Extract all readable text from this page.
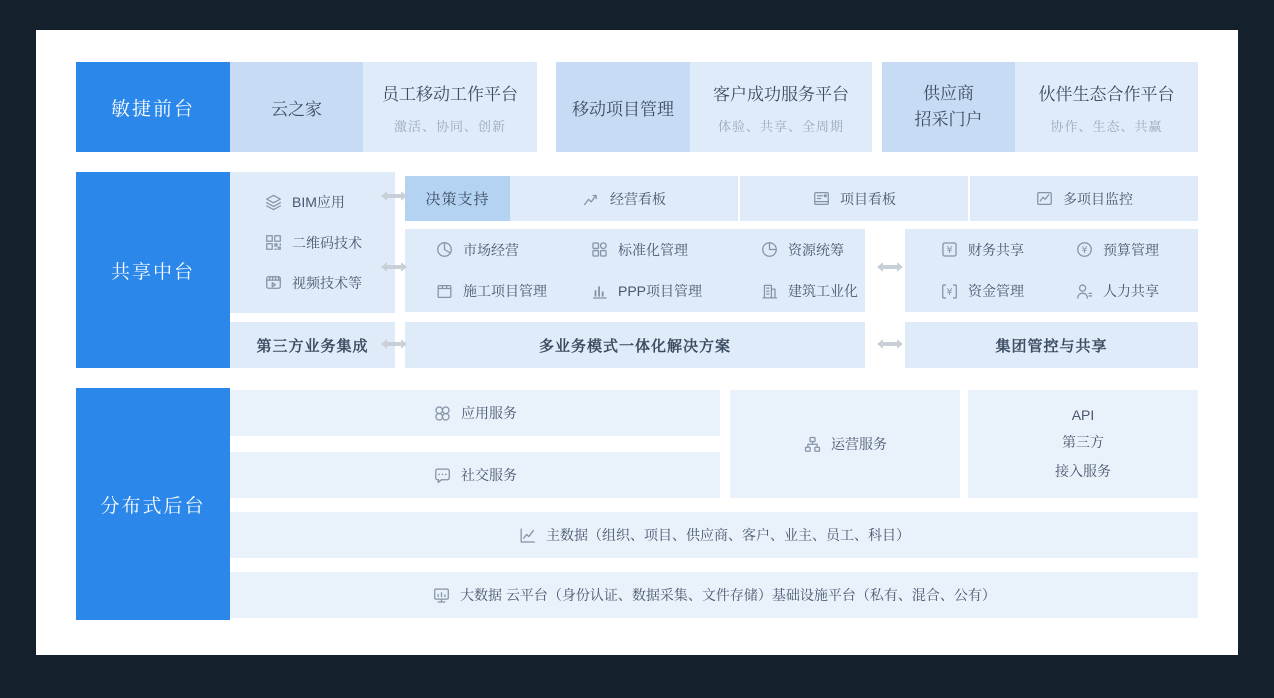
敏捷前台	云之家
员工移动工作平台
激活、协同、创新
移动项目管理
客户成功服务平台
体验、共享、全周期
供应商
招采门户
伙伴生态合作平台
协作、生态、共赢
共享中台
BIM应用
二维码技术
视频技术等
决策支持	经营看板	项目看板	多项目监控
市场经营	标准化管理	资源统筹
施工项目管理	PPP项目管理	建筑工业化
¥ 财务共享	¥ 预算管理
¥ 资金管理	人力共享
第三方业务集成	多业务模式一体化解决方案	集团管控与共享
分布式后台
应用服务
社交服务
运营服务
API
第三方
接入服务
主数据（组织、项目、供应商、客户、业主、员工、科目）
大数据 云平台（身份认证、数据采集、文件存储）基础设施平台（私有、混合、公有）
